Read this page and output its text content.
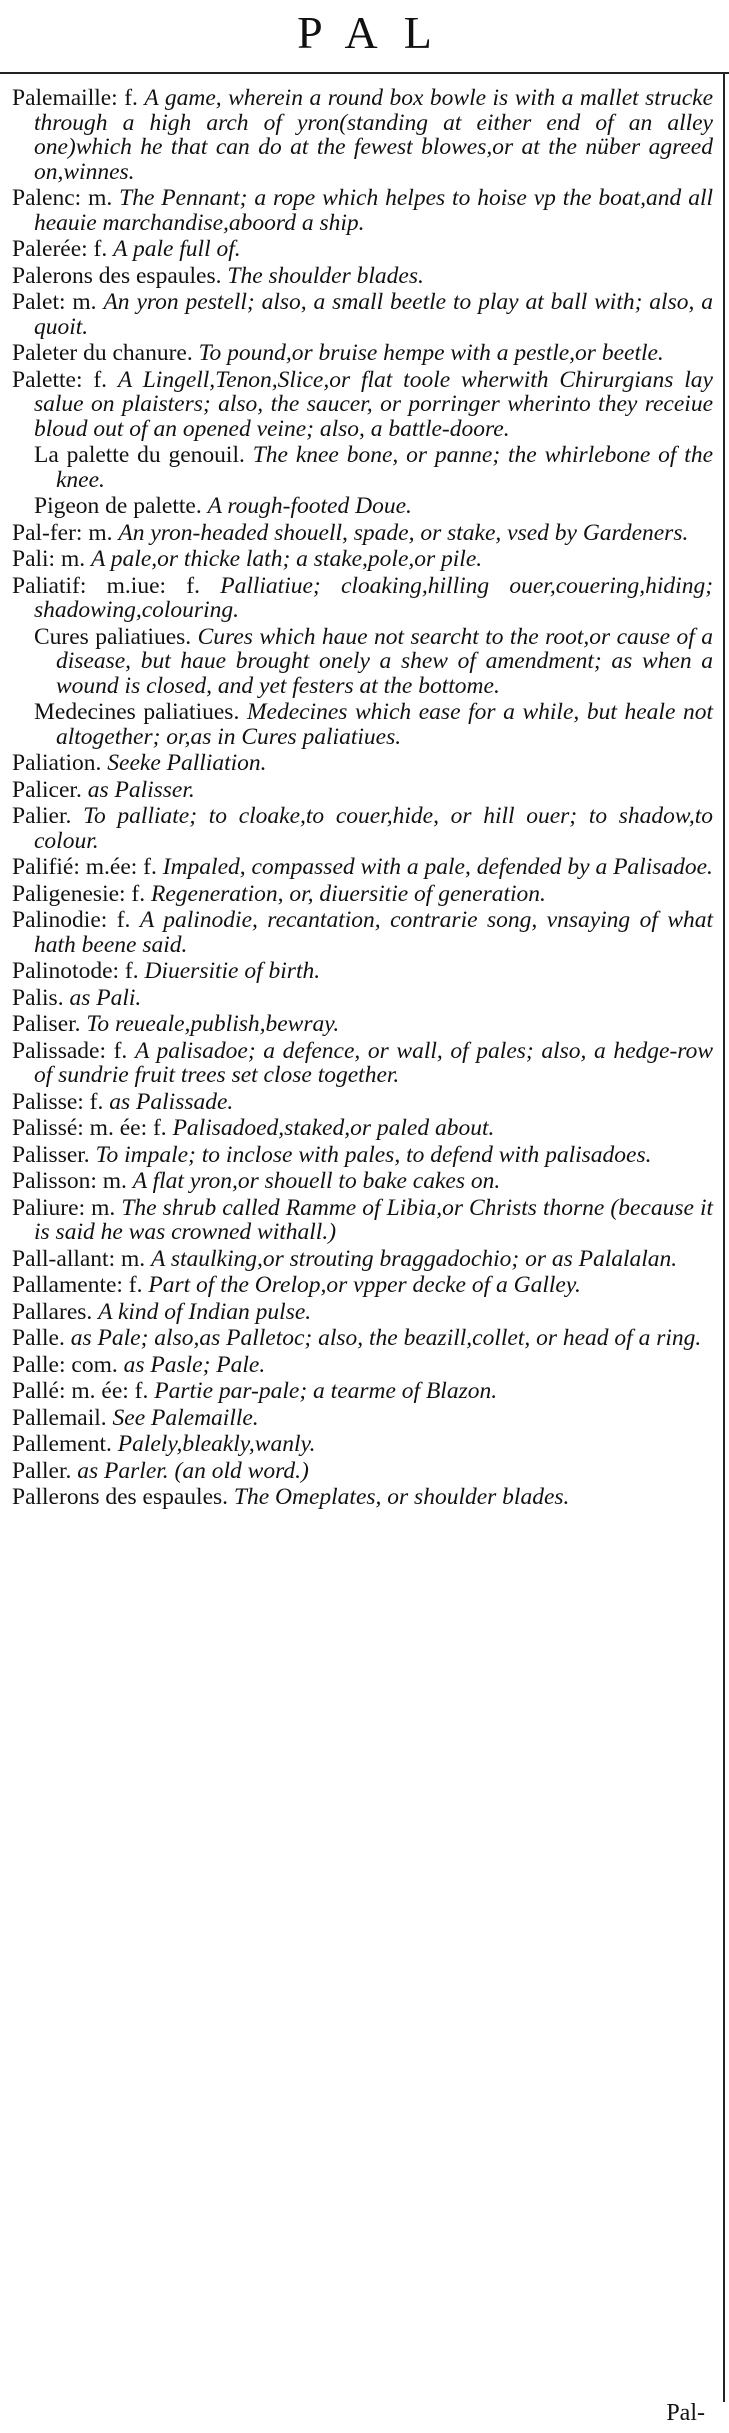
PAL

Palemaille: f. A game, wherein a round box bowle is with a mallet strucke through a high arch of yron(standing at either end of an alley one)which he that can do at the fewest blowes,or at the nüber agreed on,winnes.

Palenc: m. The Pennant; a rope which helpes to hoise vp the boat,and all heauie marchandise,aboord a ship.

Palerée: f. A pale full of.

Palerons des espaules. The shoulder blades.

Palet: m. An yron pestell; also, a small beetle to play at ball with; also, a quoit.

Paleter du chanure. To pound,or bruise hempe with a pestle,or beetle.

Palette: f. A Lingell,Tenon,Slice,or flat toole wherwith Chirurgians lay salue on plaisters; also, the saucer, or porringer wherinto they receiue bloud out of an opened veine; also, a battle-doore.

La palette du genouil. The knee bone, or panne; the whirlebone of the knee.

Pigeon de palette. A rough-footed Doue.

Pal-fer: m. An yron-headed shouell, spade, or stake, vsed by Gardeners.

Pali: m. A pale,or thicke lath; a stake,pole,or pile.

Paliatif: m.iue: f. Palliatiue; cloaking,hilling ouer,couering,hiding; shadowing,colouring.

Cures paliatiues. Cures which haue not searcht to the root,or cause of a disease, but haue brought onely a shew of amendment; as when a wound is closed, and yet festers at the bottome.

Medecines paliatiues. Medecines which ease for a while, but heale not altogether; or,as in Cures paliatiues.

Paliation. Seeke Palliation.

Palicer. as Palisser.

Palier. To palliate; to cloake,to couer,hide, or hill ouer; to shadow,to colour.

Palifié: m.ée: f. Impaled, compassed with a pale, defended by a Palisadoe.

Paligenesie: f. Regeneration, or, diuersitie of generation.

Palinodie: f. A palinodie, recantation, contrarie song, vnsaying of what hath beene said.

Palinotode: f. Diuersitie of birth.

Palis. as Pali.

Paliser. To reueale,publish,bewray.

Palissade: f. A palisadoe; a defence, or wall, of pales; also, a hedge-row of sundrie fruit trees set close together.

Palisse: f. as Palissade.

Palissé: m. ée: f. Palisadoed,staked,or paled about.

Palisser. To impale; to inclose with pales, to defend with palisadoes.

Palisson: m. A flat yron,or shouell to bake cakes on.

Paliure: m. The shrub called Ramme of Libia,or Christs thorne (because it is said he was crowned withall.)

Pall-allant: m. A staulking,or strouting braggadochio; or as Palalalan.

Pallamente: f. Part of the Orelop,or vpper decke of a Galley.

Pallares. A kind of Indian pulse.

Palle. as Pale; also,as Palletoc; also, the beazill,collet, or head of a ring.

Palle: com. as Pasle; Pale.

Pallé: m. ée: f. Partie par-pale; a tearme of Blazon.

Pallemail. See Palemaille.

Pallement. Palely,bleakly,wanly.

Paller. as Parler. (an old word.)

Pallerons des espaules. The Omeplates, or shoulder blades.

Pal-
